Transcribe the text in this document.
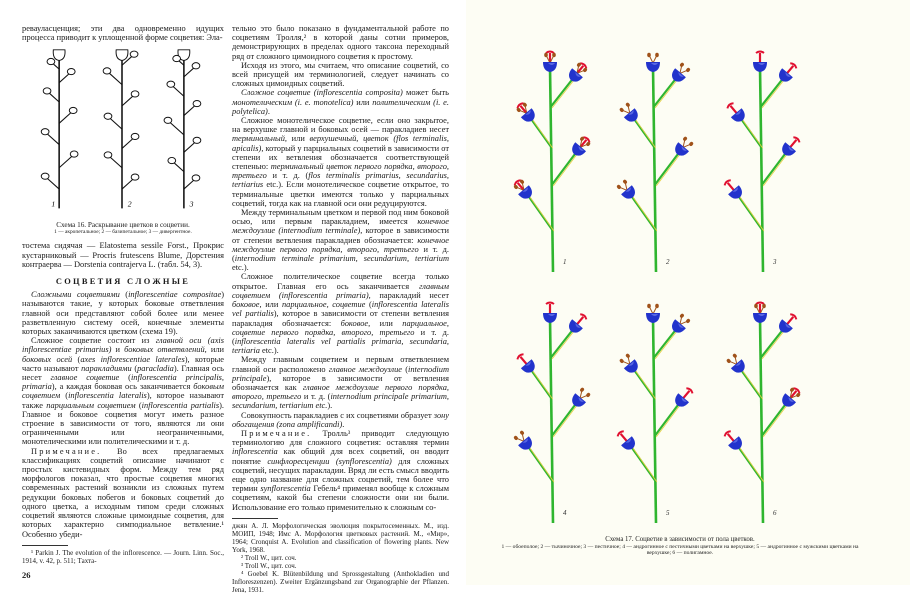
ревауласценция; эти два одновременно идущих процесса приводит к уплощенной форме соцветия: Эла-

1	2	3
Схема 16. Раскрывание цветков в соцветии.
1 — акропетальное; 2 — базипетальное; 3 — дивергентное.

тостема сидячая — Elatostema sessile Forst., Прокрис кустарниковый — Procris frutescens Blume, Дорстения контраерва — Dorstenia contrajerva L. (табл. 54, 3).

СОЦВЕТИЯ СЛОЖНЫЕ

Сложными соцветиями (inflorescentiae compositae) называются такие, у которых боковые ответвления главной оси представляют собой более или менее разветвленную систему осей, конечные элементы которых заканчиваются цветком (схема 19).

Сложное соцветие состоит из главной оси (axis inflorescentiae primarius) и боковых ответвлений, или боковых осей (axes inflorescentiae laterales), которые часто называют паракладиями (paracladia). Главная ось несет главное соцветие (inflorescentia principalis, primaria), а каждая боковая ось заканчивается боковым соцветием (inflorescentia lateralis), которое называют также парциальным соцветием (inflorescentia partialis). Главное и боковое соцветия могут иметь разное строение в зависимости от того, являются ли они ограниченными или неограниченными, монотелическими или полителическими и т. д.

Примечание. Во всех предлагаемых классификациях соцветий описание начинают с простых кистевидных форм. Между тем ряд морфологов показал, что простые соцветия многих современных растений возникли из сложных путем редукции боковых побегов и боковых соцветий до одного цветка, а исходным типом среди сложных соцветий являются сложные цимоидные соцветия, для которых характерно симподиальное ветвление.¹ Особенно убеди-

¹ Parkin J. The evolution of the inflorescence. — Journ. Linn. Soc., 1914, v. 42, p. 511; Тахта-

26

тельно это было показано в фундаментальной работе по соцветиям Тролля,² в которой даны сотни примеров, демонстрирующих в пределах одного таксона переходный ряд от сложного цимоидного соцветия к простому.

Исходя из этого, мы считаем, что описание соцветий, со всей присущей им терминологией, следует начинать со сложных цимоидных соцветий.

Сложное соцветие (inflorescentia composita) может быть монотелическим (i. e. monotelica) или полителическим (i. e. polytelica).

Сложное монотелическое соцветие, если оно закрытое, на верхушке главной и боковых осей — паракладиев несет терминальный, или верхушечный, цветок (flos terminalis, apicalis), который у парциальных соцветий в зависимости от степени их ветвления обозначается соответствующей степенью: терминальный цветок первого порядка, второго, третьего и т. д. (flos terminalis primarius, secundarius, tertiarius etc.). Если монотелическое соцветие открытое, то терминальные цветки имеются только у парциальных соцветий, тогда как на главной оси они редуцируются.

Между терминальным цветком и первой под ним боковой осью, или первым паракладием, имеется конечное междоузлие (internodium terminale), которое в зависимости от степени ветвления паракладиев обозначается: конечное междоузлие первого порядка, второго, третьего и т. д. (internodium terminale primarium, secundarium, tertiarium etc.).

Сложное полителическое соцветие всегда только открытое. Главная его ось заканчивается главным соцветием (inflorescentia primaria), паракладий несет боковое, или парциальное, соцветие (inflorescentia lateralis vel partialis), которое в зависимости от степени ветвления паракладия обозначается: боковое, или парциальное, соцветие первого порядка, второго, третьего и т. д. (inflorescentia lateralis vel partialis primaria, secundaria, tertiaria etc.).

Между главным соцветием и первым ответвлением главной оси расположено главное междоузлие (internodium principale), которое в зависимости от ветвления обозначается как главное междоузлие первого порядка, второго, третьего и т. д. (internodium principale primarium, secundarium, tertiarium etc.).

Совокупность паракладиев с их соцветиями образует зону обогащения (zona amplificandi).

Примечание. Тролль³ приводит следующую терминологию для сложного соцветия: оставляя термин inflorescentia как общий для всех соцветий, он вводит понятие синфлоресценции (synflorescentia) для сложных соцветий, несущих паракладии. Вряд ли есть смысл вводить еще одно название для сложных соцветий, тем более что термин synflorescentia Гебель⁴ применял вообще к сложным соцветиям, какой бы степени сложности они ни были. Использование его только применительно к сложным со-

джян А. Л. Морфологическая эволюция покрытосеменных. М., изд. МОИП, 1948; Имс А. Морфология цветковых растений. М., «Мир», 1964; Cronquist A. Evolution and classification of flowering plants. New York, 1968.

² Troll W., цит. соч.

³ Troll W., цит. соч.

⁴ Goebel K. Blütenbildung und Sprossgestaltung (Anthokladien und Infloreszenzen). Zweiter Ergänzungsband zur Organographie der Pflanzen. Jena, 1931.

1	2	3
4	5	6
Схема 17. Соцветие в зависимости от пола цветков.
1 — обоеполое; 2 — тычиночное; 3 — пестичное; 4 — андрогинное с пестичными цветками на верхушке; 5 — андрогинное с мужскими цветками на верхушке; 6 — полигамное.
